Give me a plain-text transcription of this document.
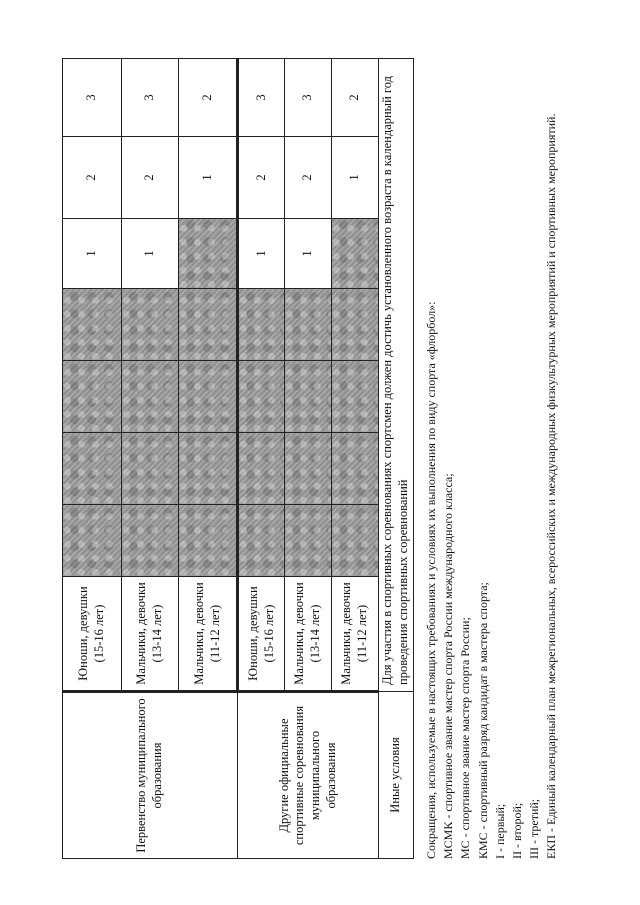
Первенство муниципального образования	Юноши, девушки (15-16 лет)					1	2	3
	Мальчики, девочки (13-14 лет)					1	2	3
	Мальчики, девочки (11-12 лет)						1	2
Другие официальные спортивные соревнования муниципального образования	Юноши, девушки (15-16 лет)					1	2	3
	Мальчики, девочки (13-14 лет)					1	2	3
	Мальчики, девочки (11-12 лет)						1	2
Иные условия	Для участия в спортивных соревнованиях спортсмен должен достичь установленного возраста в календарный год проведения спортивных соревнований							Сокращения, используемые в настоящих требованиях и условиях их выполнения по виду спорта «флорбол»: МСМК - спортивное звание мастер спорта России международного класса; МС - спортивное звание мастер спорта России; КМС - спортивный разряд кандидат в мастера спорта; I - первый; II - второй; III - третий; ЕКП - Единый календарный план межрегиональных, всероссийских и международных физкультурных мероприятий и спортивных мероприятий.
